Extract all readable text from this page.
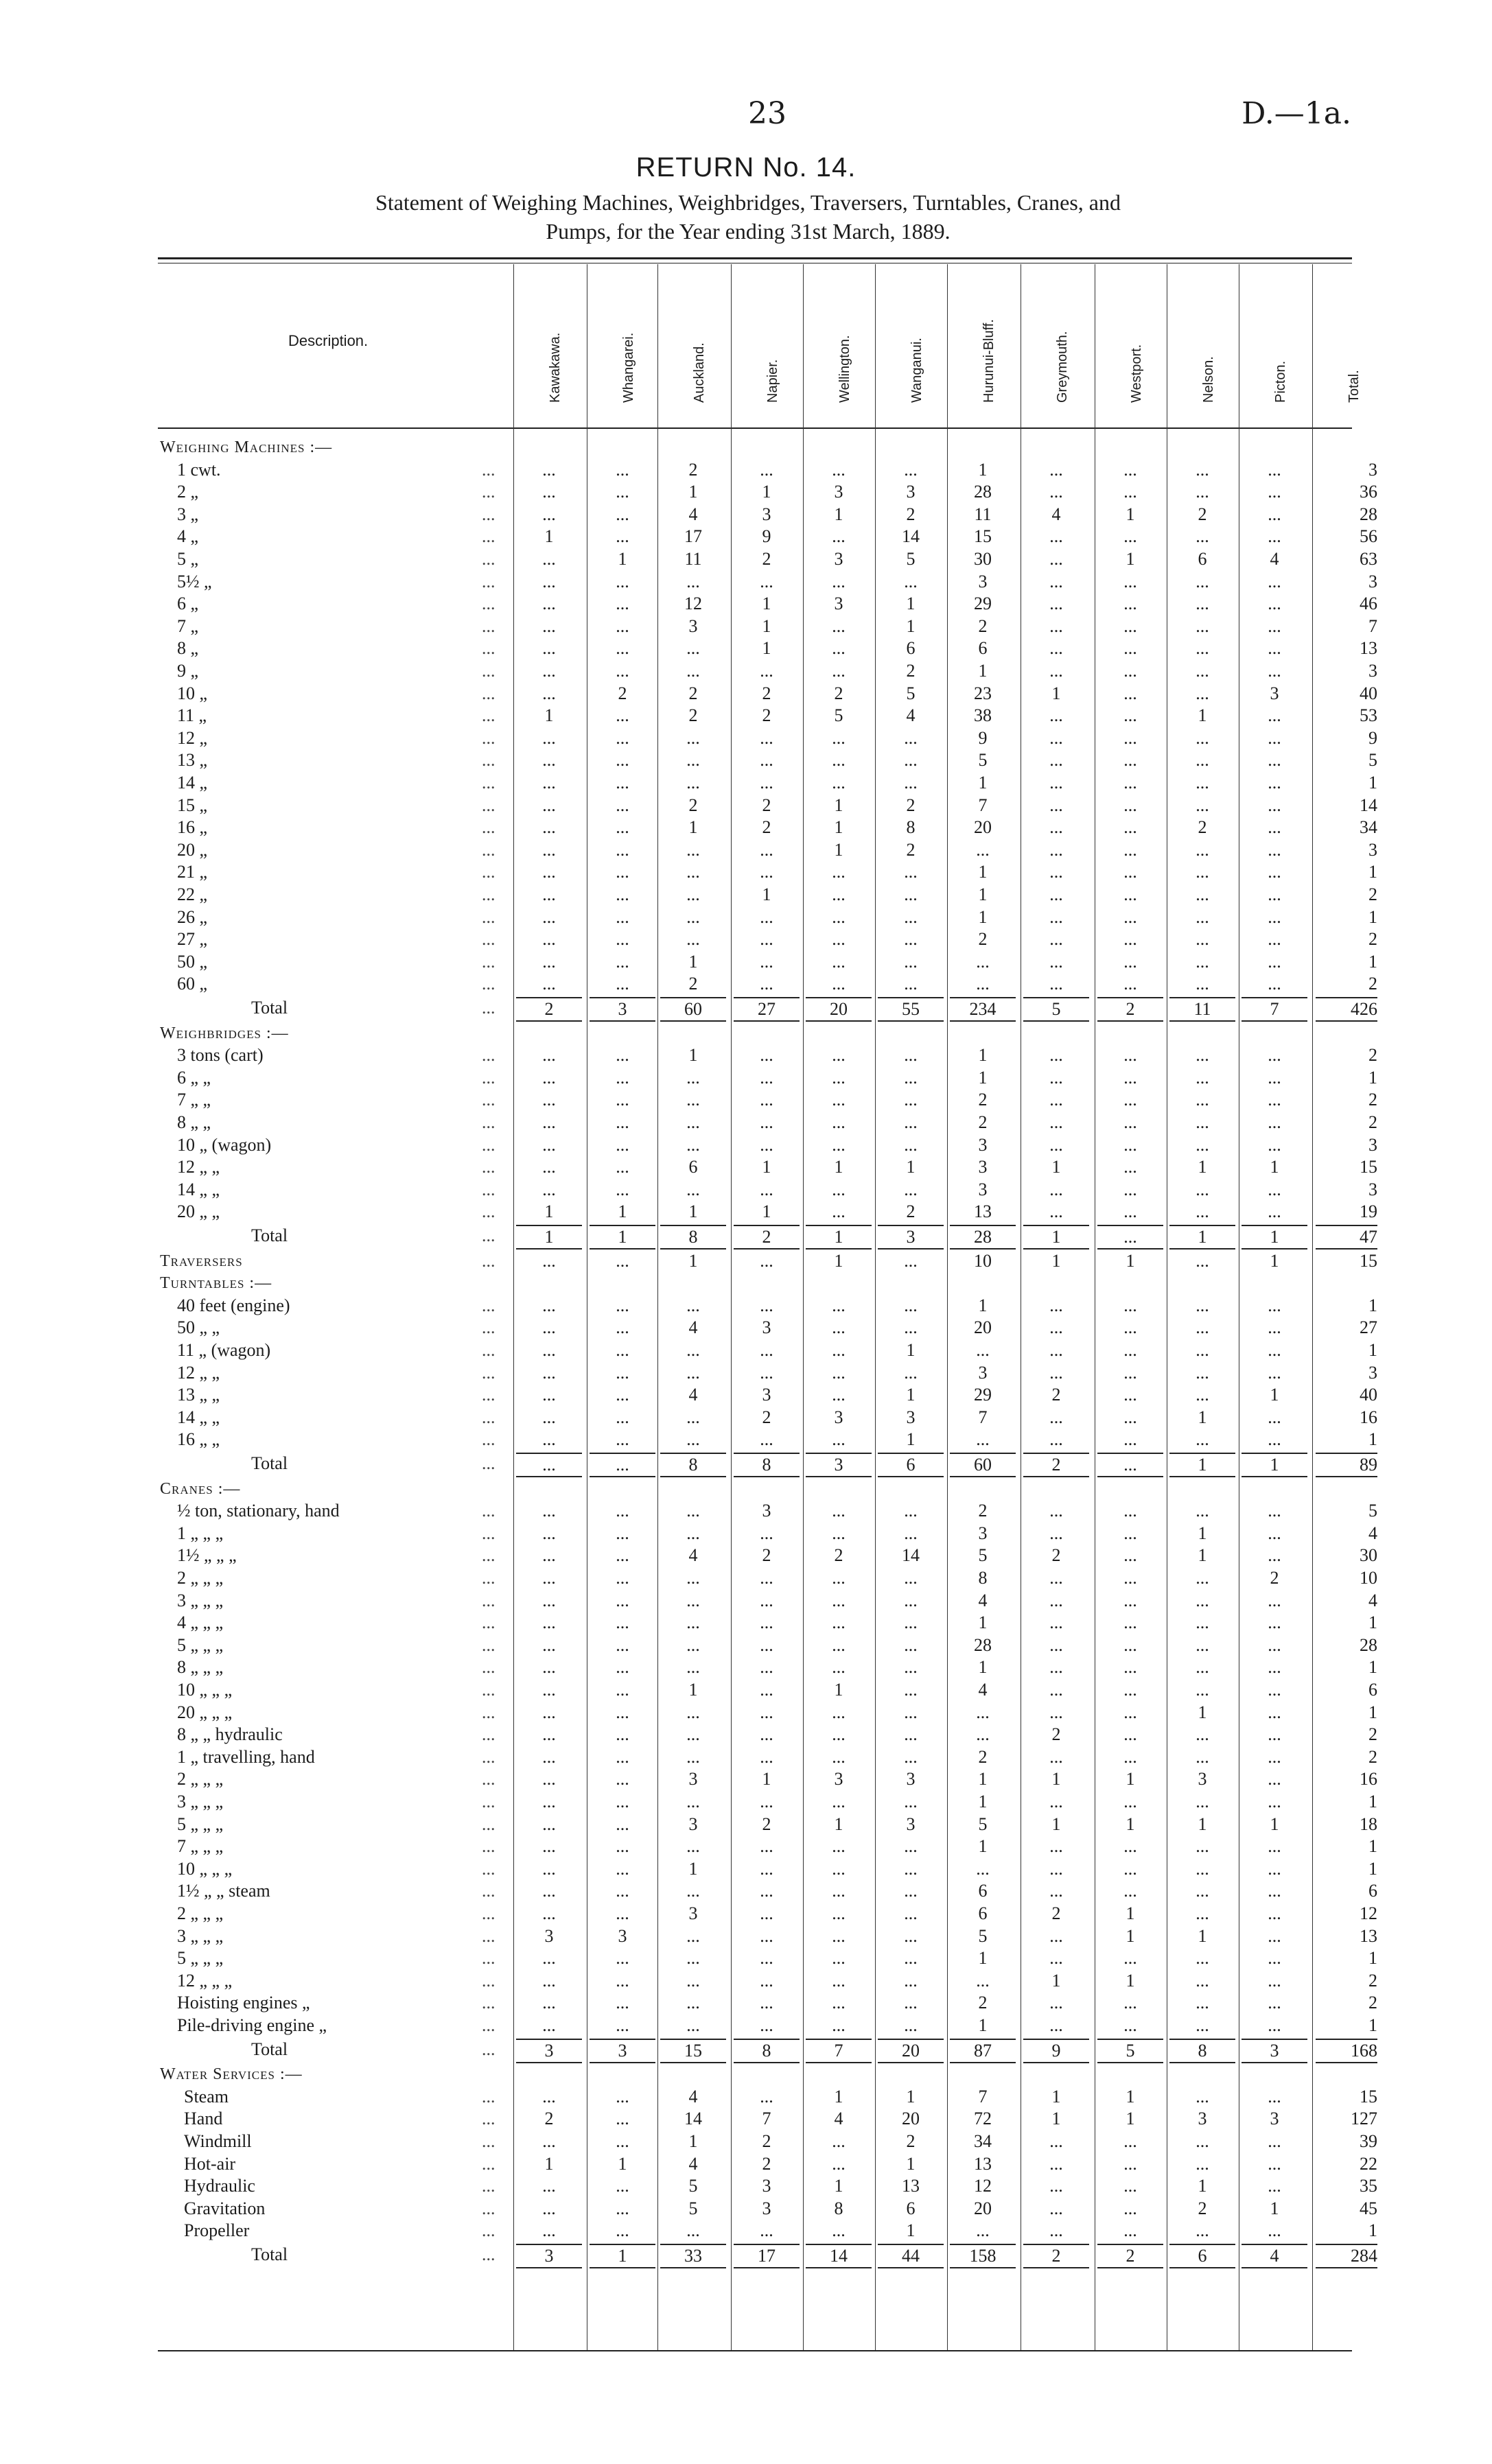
23	D.—1a.
RETURN No. 14.
Statement of Weighing Machines, Weighbridges, Traversers, Turntables, Cranes, and
Pumps, for the Year ending 31st March, 1889.
Description.	Kawakawa.	Whangarei.	Auckland.	Napier.	Wellington.	Wanganui.	Hurunui-Bluff.	Greymouth.	Westport.	Nelson.	Picton.	Total.
Weighing Machines :—
1 cwt.	...	...	...	2	...	...	...	1	...	...	...	...	3
2 „	...	...	...	1	1	3	3	28	...	...	...	...	36
3 „	...	...	...	4	3	1	2	11	4	1	2	...	28
4 „	...	1	...	17	9	...	14	15	...	...	...	...	56
5 „	...	...	1	11	2	3	5	30	...	1	6	4	63
5½ „	...	...	...	...	...	...	...	3	...	...	...	...	3
6 „	...	...	...	12	1	3	1	29	...	...	...	...	46
7 „	...	...	...	3	1	...	1	2	...	...	...	...	7
8 „	...	...	...	...	1	...	6	6	...	...	...	...	13
9 „	...	...	...	...	...	...	2	1	...	...	...	...	3
10 „	...	...	2	2	2	2	5	23	1	...	...	3	40
11 „	...	1	...	2	2	5	4	38	...	...	1	...	53
12 „	...	...	...	...	...	...	...	9	...	...	...	...	9
13 „	...	...	...	...	...	...	...	5	...	...	...	...	5
14 „	...	...	...	...	...	...	...	1	...	...	...	...	1
15 „	...	...	...	2	2	1	2	7	...	...	...	...	14
16 „	...	...	...	1	2	1	8	20	...	...	2	...	34
20 „	...	...	...	...	...	1	2	...	...	...	...	...	3
21 „	...	...	...	...	...	...	...	1	...	...	...	...	1
22 „	...	...	...	...	1	...	...	1	...	...	...	...	2
26 „	...	...	...	...	...	...	...	1	...	...	...	...	1
27 „	...	...	...	...	...	...	...	2	...	...	...	...	2
50 „	...	...	...	1	...	...	...	...	...	...	...	...	1
60 „	...	...	...	2	...	...	...	...	...	...	...	...	2
Total	...	2	3	60	27	20	55	234	5	2	11	7	426
Weighbridges :—
3 tons (cart)	...	...	...	1	...	...	...	1	...	...	...	...	2
6 „ „	...	...	...	...	...	...	...	1	...	...	...	...	1
7 „ „	...	...	...	...	...	...	...	2	...	...	...	...	2
8 „ „	...	...	...	...	...	...	...	2	...	...	...	...	2
10 „ (wagon)	...	...	...	...	...	...	...	3	...	...	...	...	3
12 „ „	...	...	...	6	1	1	1	3	1	...	1	1	15
14 „ „	...	...	...	...	...	...	...	3	...	...	...	...	3
20 „ „	...	1	1	1	1	...	2	13	...	...	...	...	19
Total	...	1	1	8	2	1	3	28	1	...	1	1	47
Traversers	...	...	...	1	...	1	...	10	1	1	...	1	15
Turntables :—
40 feet (engine)	...	...	...	...	...	...	...	1	...	...	...	...	1
50 „ „	...	...	...	4	3	...	...	20	...	...	...	...	27
11 „ (wagon)	...	...	...	...	...	...	1	...	...	...	...	...	1
12 „ „	...	...	...	...	...	...	...	3	...	...	...	...	3
13 „ „	...	...	...	4	3	...	1	29	2	...	...	1	40
14 „ „	...	...	...	...	2	3	3	7	...	...	1	...	16
16 „ „	...	...	...	...	...	...	1	...	...	...	...	...	1
Total	...	...	...	8	8	3	6	60	2	...	1	1	89
Cranes :—
½ ton, stationary, hand	...	...	...	...	3	...	...	2	...	...	...	...	5
1 „ „ „	...	...	...	...	...	...	...	3	...	...	1	...	4
1½ „ „ „	...	...	...	4	2	2	14	5	2	...	1	...	30
2 „ „ „	...	...	...	...	...	...	...	8	...	...	...	2	10
3 „ „ „	...	...	...	...	...	...	...	4	...	...	...	...	4
4 „ „ „	...	...	...	...	...	...	...	1	...	...	...	...	1
5 „ „ „	...	...	...	...	...	...	...	28	...	...	...	...	28
8 „ „ „	...	...	...	...	...	...	...	1	...	...	...	...	1
10 „ „ „	...	...	...	1	...	1	...	4	...	...	...	...	6
20 „ „ „	...	...	...	...	...	...	...	...	...	...	1	...	1
8 „ „ hydraulic	...	...	...	...	...	...	...	...	2	...	...	...	2
1 „ travelling, hand	...	...	...	...	...	...	...	2	...	...	...	...	2
2 „ „ „	...	...	...	3	1	3	3	1	1	1	3	...	16
3 „ „ „	...	...	...	...	...	...	...	1	...	...	...	...	1
5 „ „ „	...	...	...	3	2	1	3	5	1	1	1	1	18
7 „ „ „	...	...	...	...	...	...	...	1	...	...	...	...	1
10 „ „ „	...	...	...	1	...	...	...	...	...	...	...	...	1
1½ „ „ steam	...	...	...	...	...	...	...	6	...	...	...	...	6
2 „ „ „	...	...	...	3	...	...	...	6	2	1	...	...	12
3 „ „ „	...	3	3	...	...	...	...	5	...	1	1	...	13
5 „ „ „	...	...	...	...	...	...	...	1	...	...	...	...	1
12 „ „ „	...	...	...	...	...	...	...	...	1	1	...	...	2
Hoisting engines „	...	...	...	...	...	...	...	2	...	...	...	...	2
Pile-driving engine „	...	...	...	...	...	...	...	1	...	...	...	...	1
Total	...	3	3	15	8	7	20	87	9	5	8	3	168
Water Services :—
Steam	...	...	...	4	...	1	1	7	1	1	...	...	15
Hand	...	2	...	14	7	4	20	72	1	1	3	3	127
Windmill	...	...	...	1	2	...	2	34	...	...	...	...	39
Hot-air	...	1	1	4	2	...	1	13	...	...	...	...	22
Hydraulic	...	...	...	5	3	1	13	12	...	...	1	...	35
Gravitation	...	...	...	5	3	8	6	20	...	...	2	1	45
Propeller	...	...	...	...	...	...	1	...	...	...	...	...	1
Total	...	3	1	33	17	14	44	158	2	2	6	4	284
